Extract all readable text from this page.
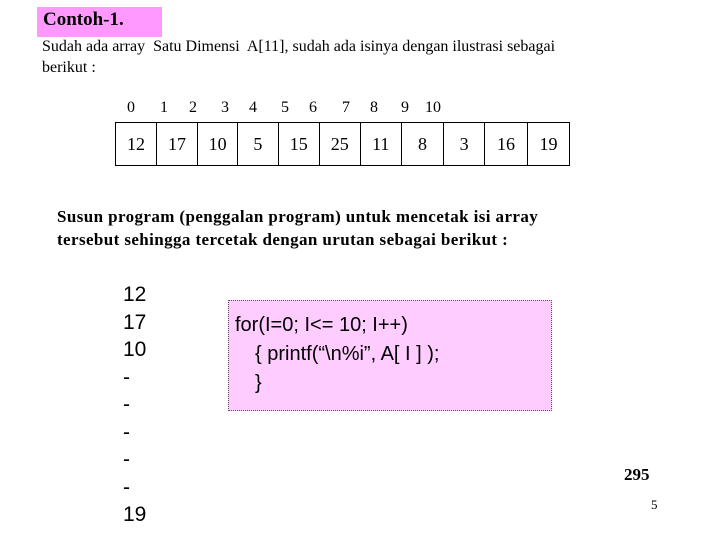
Contoh-1.
Sudah ada array  Satu Dimensi  A[11], sudah ada isinya dengan ilustrasi sebagai
berikut :
0	1	2	3	4	5	6	7	8	9	10
12	17	10	5	15	25	11	8	3	16	19
Susun program (penggalan program) untuk mencetak isi array
tersebut sehingga tercetak dengan urutan sebagai berikut :
12
17
10
-
-
-
-
-
19
for(I=0; I<= 10; I++)
{ printf(“\n%i”, A[ I ] );
}
295
5
